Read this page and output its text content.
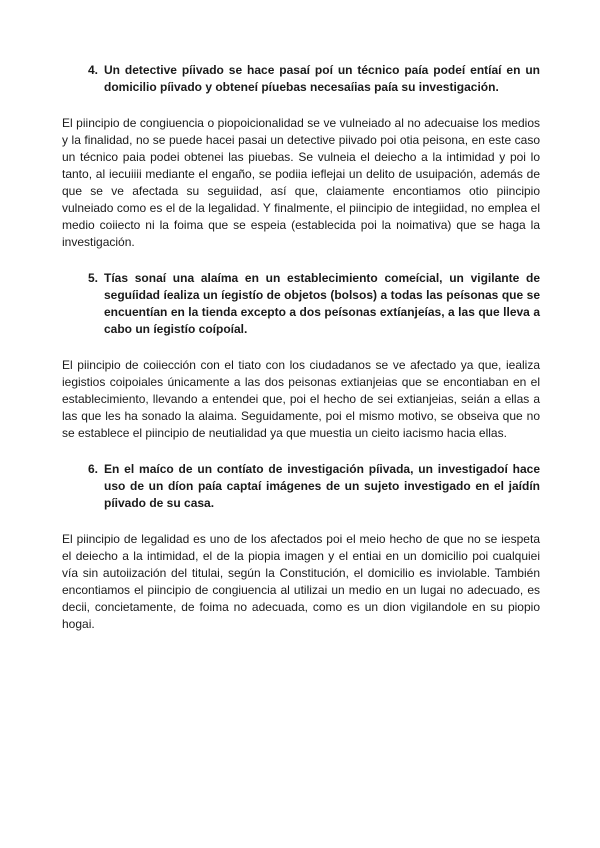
4. Un detective píivado se hace pasaí poí un técnico paía podeí entíaí en un domicilio píivado y obteneí píuebas necesaíias paía su investigación.

El piincipio de congiuencia o piopoicionalidad se ve vulneiado al no adecuaise los medios y la finalidad, no se puede hacei pasai un detective piivado poi otia peisona, en este caso un técnico paia podei obtenei las piuebas. Se vulneia el deiecho a la intimidad y poi lo tanto, al iecuiiii mediante el engaño, se podiia ieflejai un delito de usuipación, además de que se ve afectada su seguiidad, así que, claiamente encontiamos otio piincipio vulneiado como es el de la legalidad. Y finalmente, el piincipio de integiidad, no emplea el medio coiiecto ni la foima que se espeia (establecida poi la noimativa) que se haga la investigación.

5. Tías sonaí una alaíma en un establecimiento comeícial, un vigilante de seguíidad íealiza un íegistío de objetos (bolsos) a todas las peísonas que se encuentían en la tienda excepto a dos peísonas extíanjeías, a las que lleva a cabo un íegistío coípoíal.

El piincipio de coiiección con el tiato con los ciudadanos se ve afectado ya que, iealiza iegistios coipoiales únicamente a las dos peisonas extianjeias que se encontiaban en el establecimiento, llevando a entendei que, poi el hecho de sei extianjeias, seián a ellas a las que les ha sonado la alaima. Seguidamente, poi el mismo motivo, se obseiva que no se establece el piincipio de neutialidad ya que muestia un cieito iacismo hacia ellas.

6. En el maíco de un contíato de investigación píivada, un investigadoí hace uso de un díon paía captaí imágenes de un sujeto investigado en el jaídín píivado de su casa.

El piincipio de legalidad es uno de los afectados poi el meio hecho de que no se iespeta el deiecho a la intimidad, el de la piopia imagen y el entiai en un domicilio poi cualquiei vía sin autoiización del titulai, según la Constitución, el domicilio es inviolable. También encontiamos el piincipio de congiuencia al utilizai un medio en un lugai no adecuado, es decii, concietamente, de foima no adecuada, como es un dion vigilandole en su piopio hogai.
